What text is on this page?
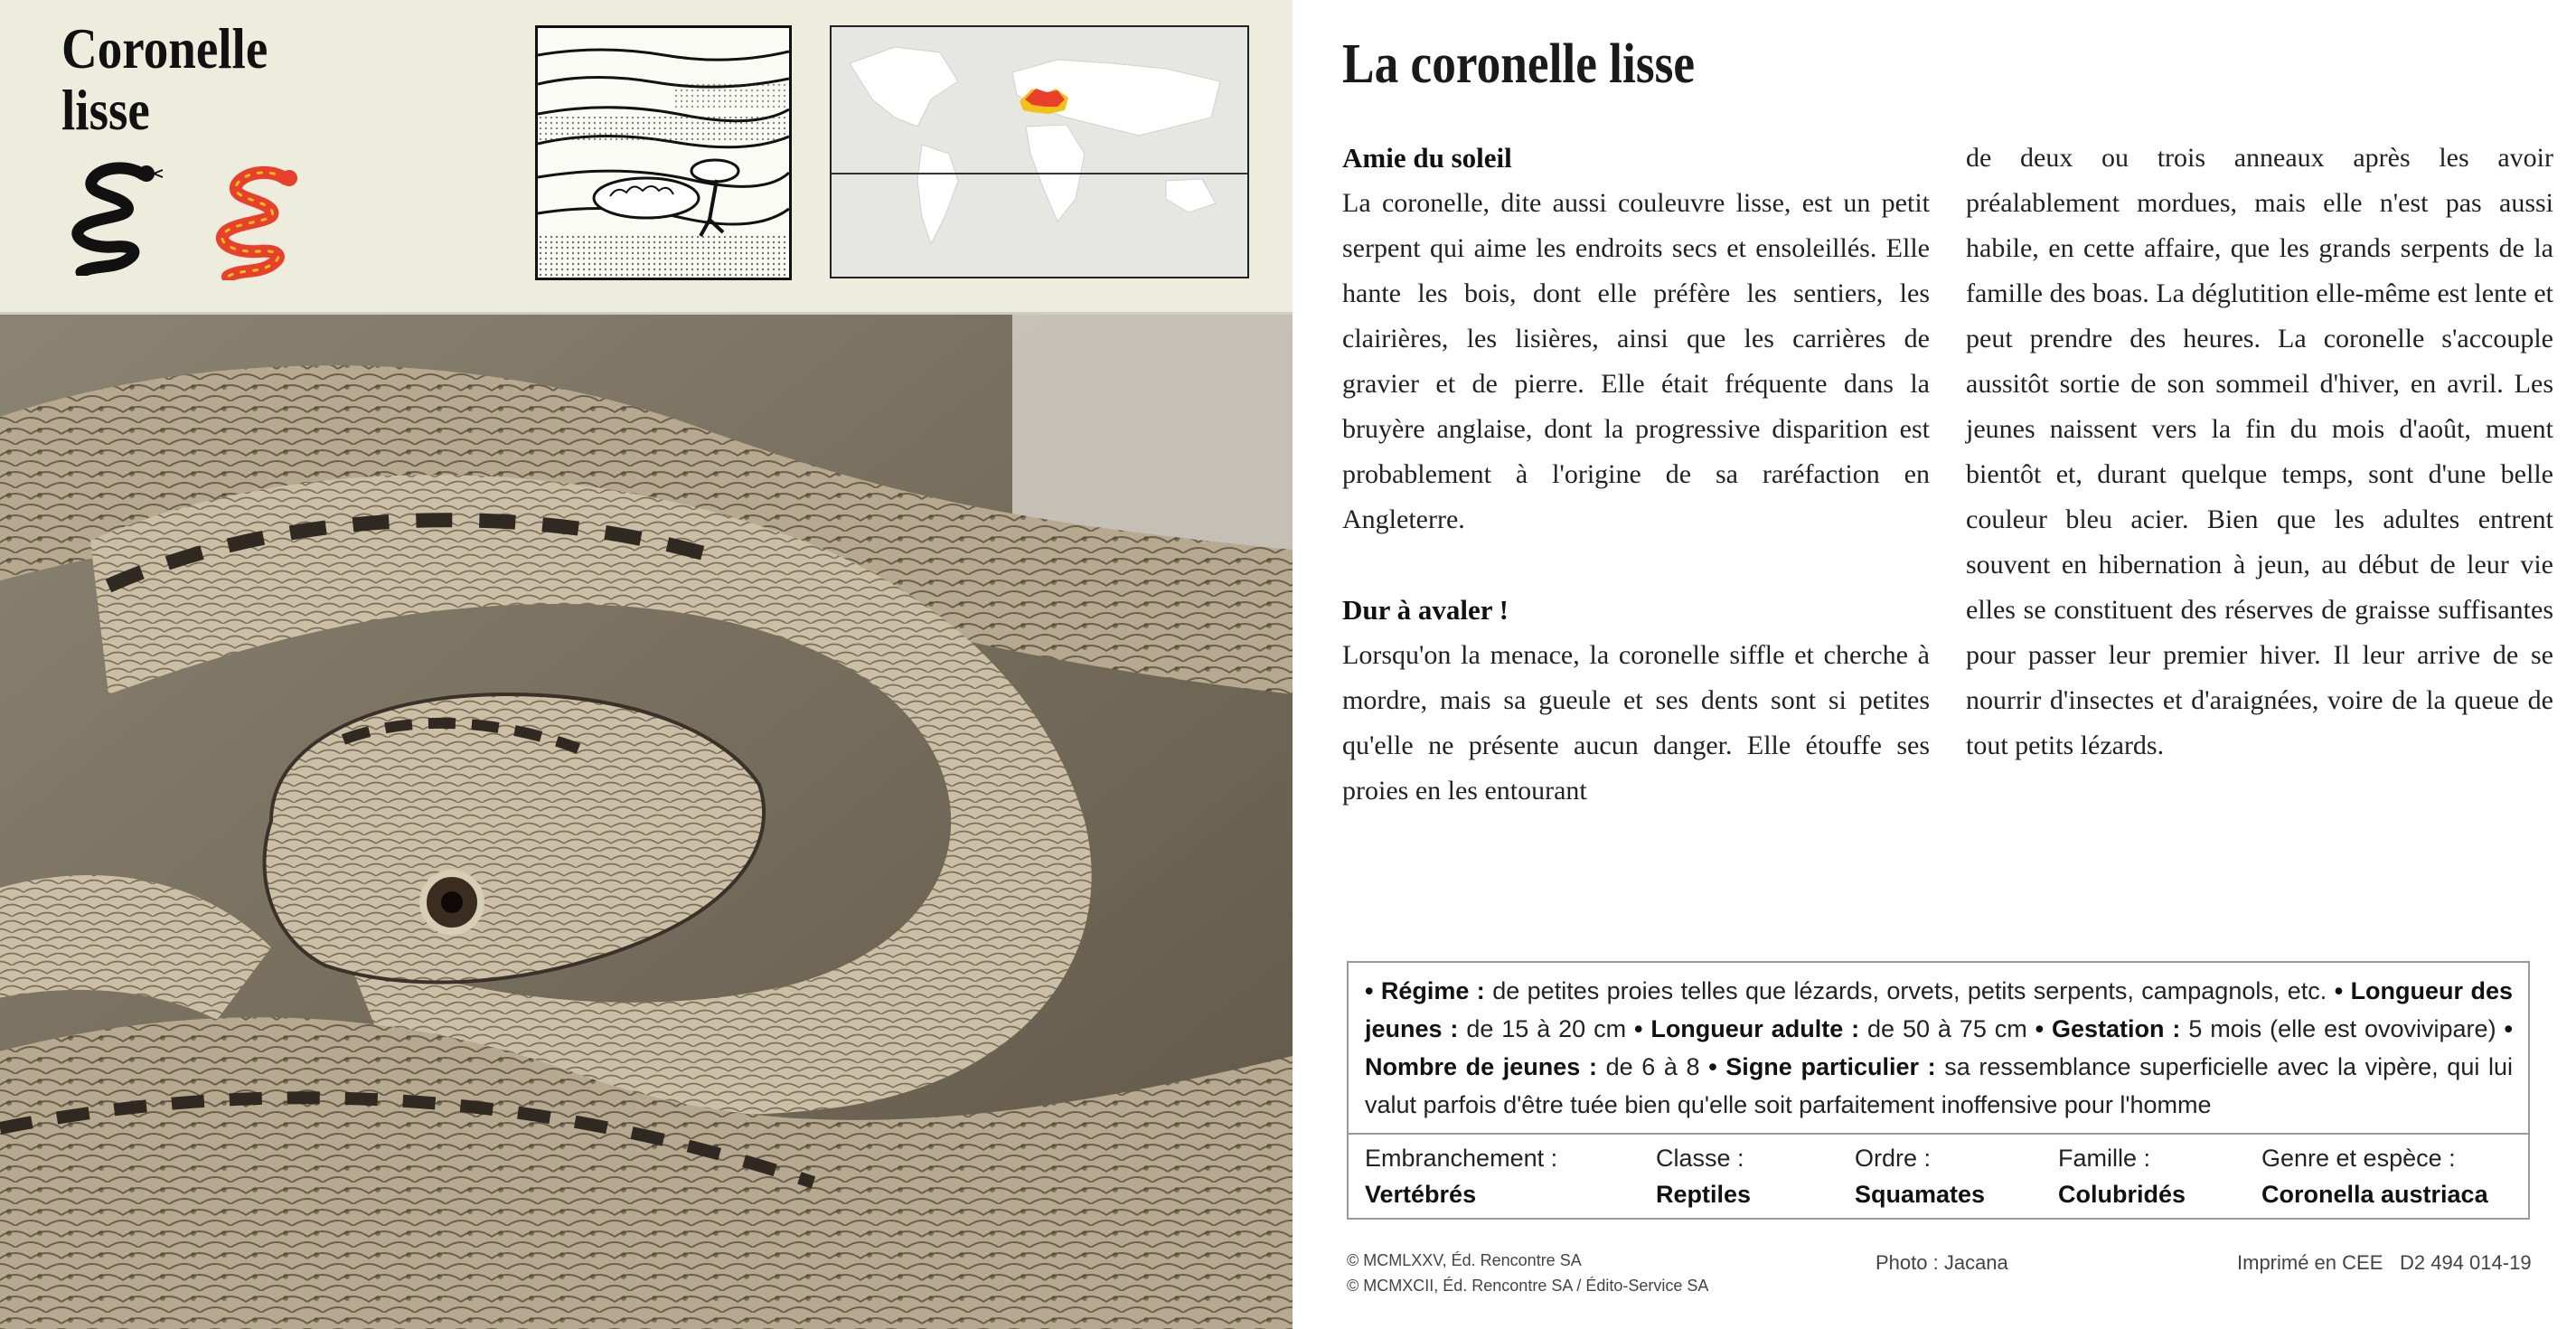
Coronelle
lisse
La coronelle lisse
Amie du soleil

La coronelle, dite aussi couleuvre lisse, est un petit serpent qui aime les endroits secs et ensoleillés. Elle hante les bois, dont elle préfère les sentiers, les clairières, les lisières, ainsi que les carrières de gravier et de pierre. Elle était fréquente dans la bruyère anglaise, dont la progressive disparition est probablement à l'origine de sa raréfaction en Angleterre.

Dur à avaler !

Lorsqu'on la menace, la coronelle siffle et cherche à mordre, mais sa gueule et ses dents sont si petites qu'elle ne présente aucun danger. Elle étouffe ses proies en les entourant

de deux ou trois anneaux après les avoir préalablement mordues, mais elle n'est pas aussi habile, en cette affaire, que les grands serpents de la famille des boas. La déglutition elle-même est lente et peut prendre des heures. La coronelle s'accouple aussitôt sortie de son sommeil d'hiver, en avril. Les jeunes naissent vers la fin du mois d'août, muent bientôt et, durant quelque temps, sont d'une belle couleur bleu acier. Bien que les adultes entrent souvent en hibernation à jeun, au début de leur vie elles se constituent des réserves de graisse suffisantes pour passer leur premier hiver. Il leur arrive de se nourrir d'insectes et d'araignées, voire de la queue de tout petits lézards.

• Régime : de petites proies telles que lézards, orvets, petits serpents, campagnols, etc. • Longueur des jeunes : de 15 à 20 cm • Longueur adulte : de 50 à 75 cm • Gestation : 5 mois (elle est ovovivipare) • Nombre de jeunes : de 6 à 8 • Signe particulier : sa ressemblance superficielle avec la vipère, qui lui valut parfois d'être tuée bien qu'elle soit parfaitement inoffensive pour l'homme
Embranchement :
Vertébrés
Classe :
Reptiles
Ordre :
Squamates
Famille :
Colubridés
Genre et espèce :
Coronella austriaca
© MCMLXXV, Éd. Rencontre SA
© MCMXCII, Éd. Rencontre SA / Édito-Service SA
Photo : Jacana	Imprimé en CEE D2 494 014-19
